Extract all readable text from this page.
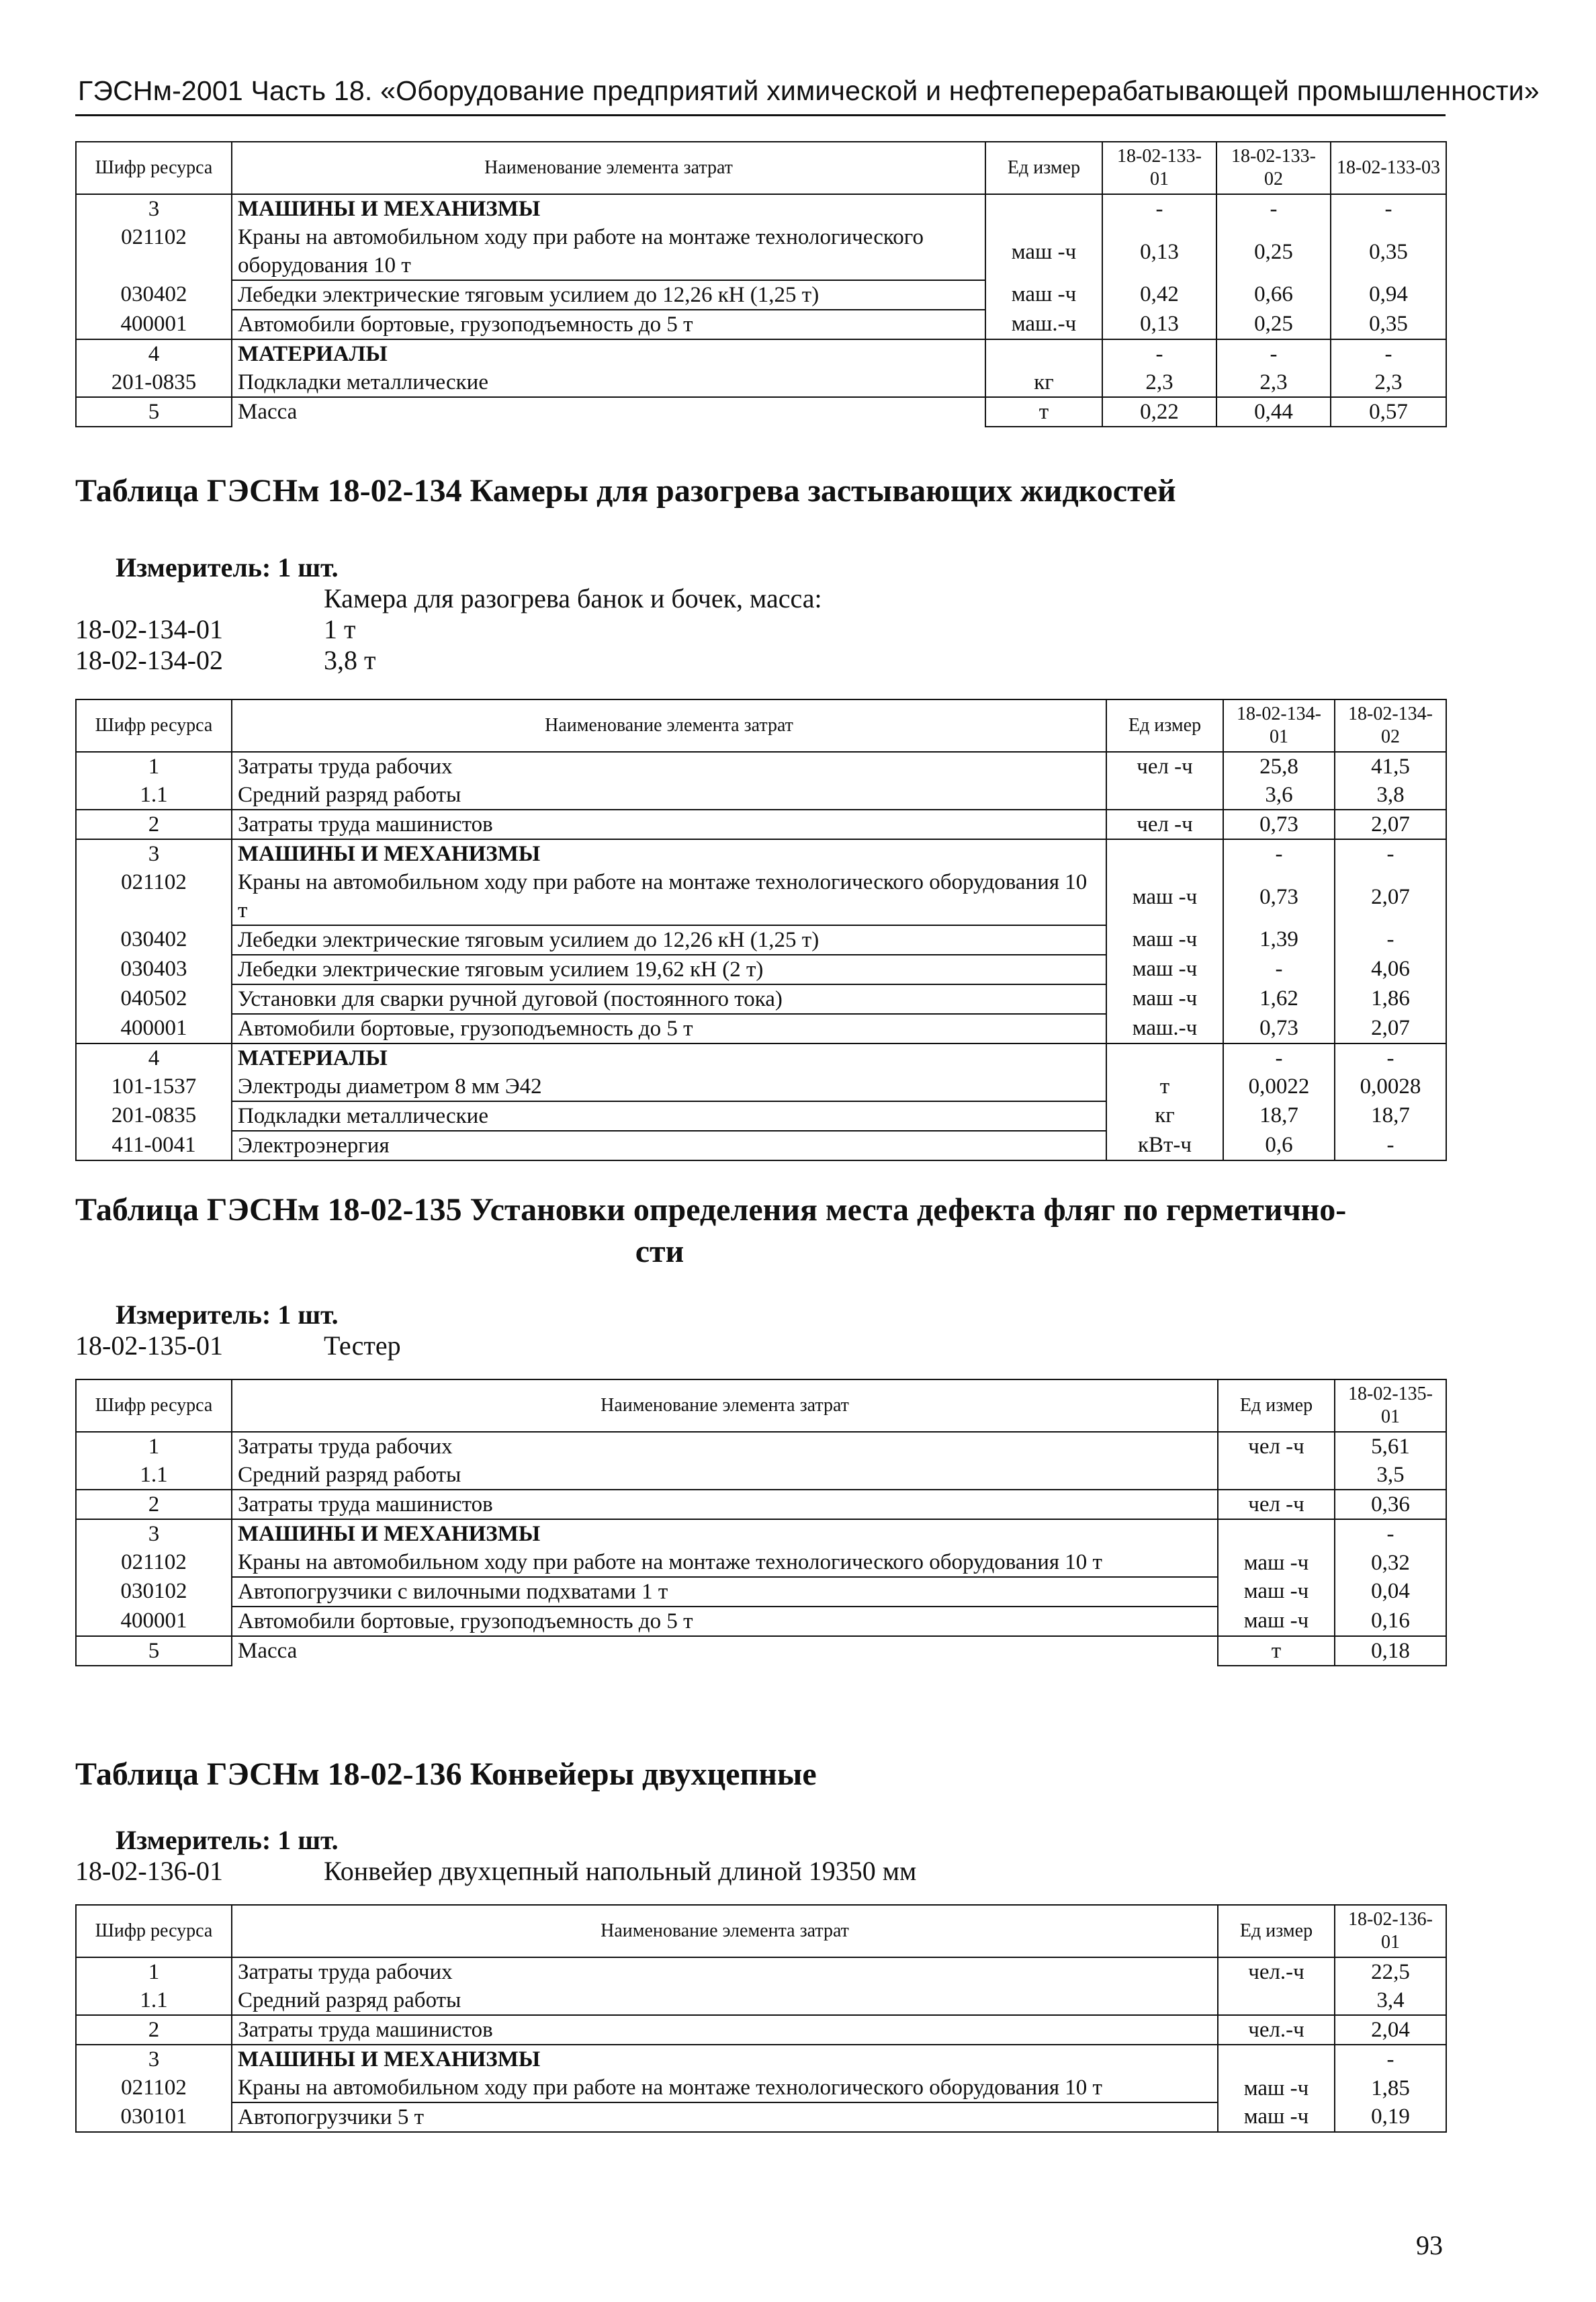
ГЭСНм-2001 Часть 18. «Оборудование предприятий химической и нефтеперерабатывающей промышленности»
Шифр ресурса	Наименование элемента затрат	Ед измер	18-02-133-01	18-02-133-02	18-02-133-03
3	МАШИНЫ И МЕХАНИЗМЫ		-	-	-
021102	Краны на автомобильном ходу при работе на монтаже технологического оборудования 10 т	маш -ч	0,13	0,25	0,35
030402	Лебедки электрические тяговым усилием до 12,26 кН (1,25 т)	маш -ч	0,42	0,66	0,94
400001	Автомобили бортовые, грузоподъемность до 5 т	маш.-ч	0,13	0,25	0,35
4	МАТЕРИАЛЫ		-	-	-
201-0835	Подкладки металлические	кг	2,3	2,3	2,3
5	Масса	т	0,22	0,44	0,57

Таблица ГЭСНм 18-02-134 Камеры для разогрева застывающих жидкостей

Измеритель: 1 шт.
Камера для разогрева банок и бочек, масса:
18-02-134-01	1 т
18-02-134-02	3,8 т
Шифр ресурса	Наименование элемента затрат	Ед измер	18-02-134-01	18-02-134-02
1	Затраты труда рабочих	чел -ч	25,8	41,5
1.1	Средний разряд работы		3,6	3,8
2	Затраты труда машинистов	чел -ч	0,73	2,07
3	МАШИНЫ И МЕХАНИЗМЫ		-	-
021102	Краны на автомобильном ходу при работе на монтаже технологического оборудования 10 т	маш -ч	0,73	2,07
030402	Лебедки электрические тяговым усилием до 12,26 кН (1,25 т)	маш -ч	1,39	-
030403	Лебедки электрические тяговым усилием 19,62 кН (2 т)	маш -ч	-	4,06
040502	Установки для сварки ручной дуговой (постоянного тока)	маш -ч	1,62	1,86
400001	Автомобили бортовые, грузоподъемность до 5 т	маш.-ч	0,73	2,07
4	МАТЕРИАЛЫ		-	-
101-1537	Электроды диаметром 8 мм Э42	т	0,0022	0,0028
201-0835	Подкладки металлические	кг	18,7	18,7
411-0041	Электроэнергия	кВт-ч	0,6	-

Таблица ГЭСНм 18-02-135 Установки определения места дефекта фляг по герметично-
сти

Измеритель: 1 шт.
18-02-135-01	Тестер
Шифр ресурса	Наименование элемента затрат	Ед измер	18-02-135-01
1	Затраты труда рабочих	чел -ч	5,61
1.1	Средний разряд работы		3,5
2	Затраты труда машинистов	чел -ч	0,36
3	МАШИНЫ И МЕХАНИЗМЫ		-
021102	Краны на автомобильном ходу при работе на монтаже технологического оборудования 10 т	маш -ч	0,32
030102	Автопогрузчики с вилочными подхватами 1 т	маш -ч	0,04
400001	Автомобили бортовые, грузоподъемность до 5 т	маш -ч	0,16
5	Масса	т	0,18

Таблица ГЭСНм 18-02-136 Конвейеры двухцепные

Измеритель: 1 шт.
18-02-136-01	Конвейер двухцепный напольный длиной 19350 мм
Шифр ресурса	Наименование элемента затрат	Ед измер	18-02-136-01
1	Затраты труда рабочих	чел.-ч	22,5
1.1	Средний разряд работы		3,4
2	Затраты труда машинистов	чел.-ч	2,04
3	МАШИНЫ И МЕХАНИЗМЫ		-
021102	Краны на автомобильном ходу при работе на монтаже технологического оборудования 10 т	маш -ч	1,85
030101	Автопогрузчики 5 т	маш -ч	0,19
93
